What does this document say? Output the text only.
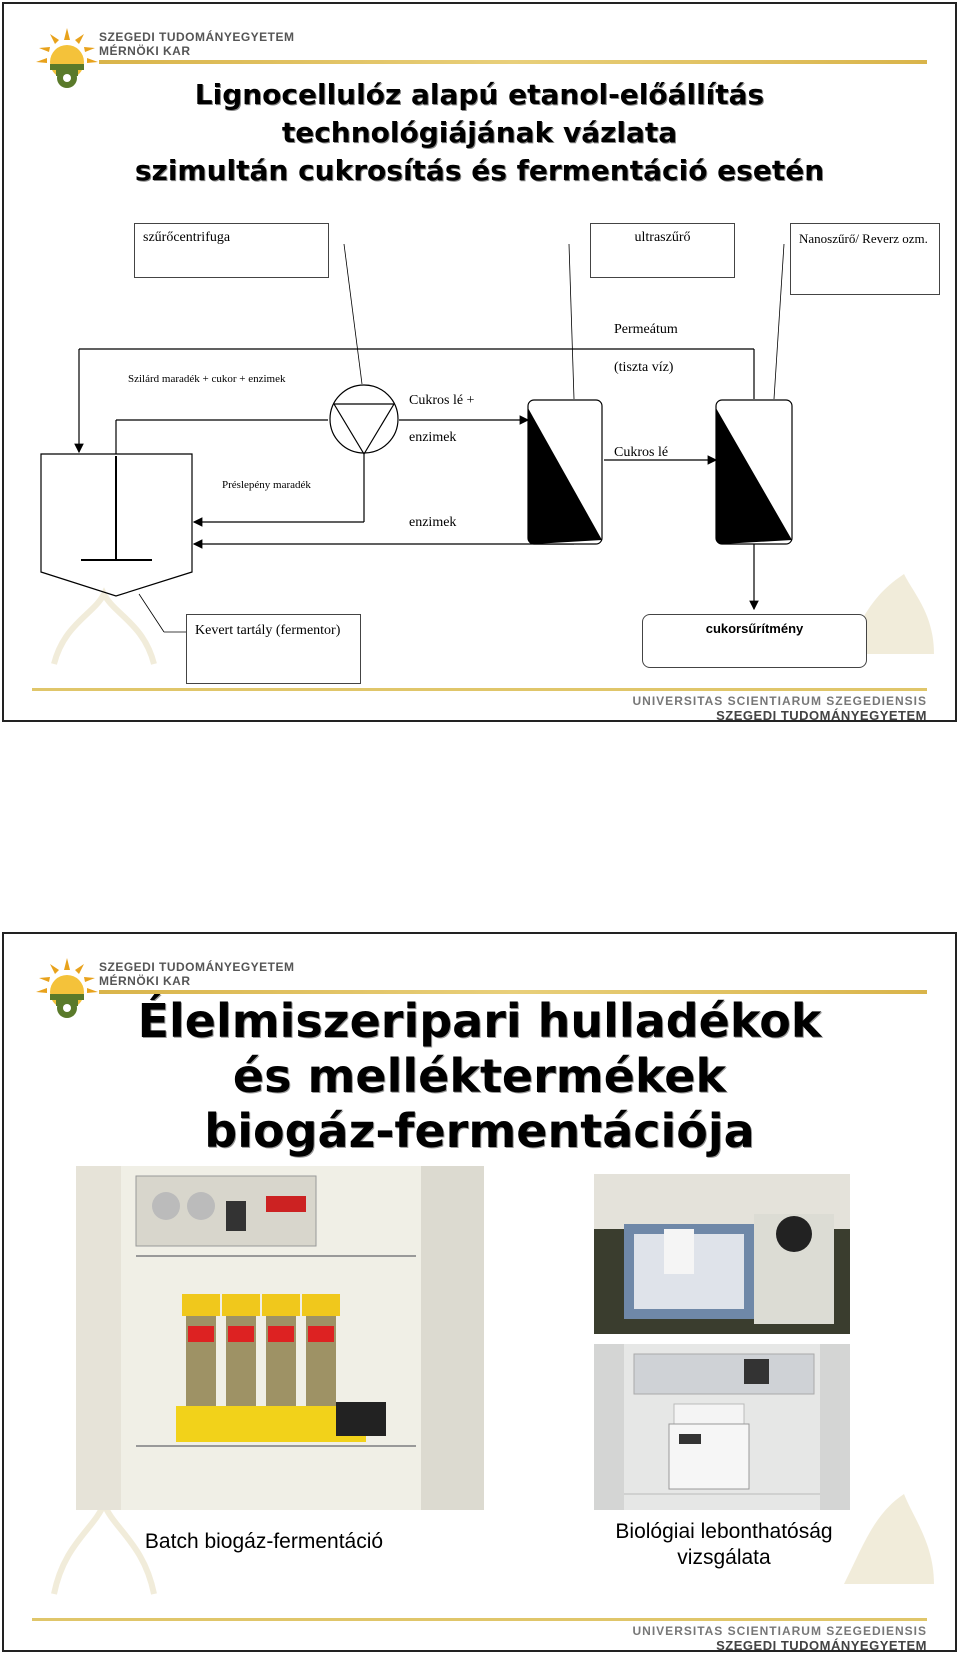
SZEGEDI TUDOMÁNYEGYETEM
MÉRNÖKI KAR
Lignocellulóz alapú etanol-előállítás
technológiájának vázlata
szimultán cukrosítás és fermentáció esetén
szűrőcentrifuga	ultraszűrő	Nanoszűrő/ Reverz ozm.
Kevert tartály (fermentor)	cukorsűrítmény
Permeátum
(tiszta víz)
Szilárd maradék + cukor + enzimek
Cukros lé +
enzimek
Cukros lé
Préslepény maradék
enzimek
UNIVERSITAS SCIENTIARUM SZEGEDIENSIS
SZEGEDI TUDOMÁNYEGYETEM
SZEGEDI TUDOMÁNYEGYETEM
MÉRNÖKI KAR
Élelmiszeripari hulladékok
és melléktermékek
biogáz-fermentációja
Batch biogáz-fermentáció	Biológiai lebonthatóság
vizsgálata
UNIVERSITAS SCIENTIARUM SZEGEDIENSIS
SZEGEDI TUDOMÁNYEGYETEM
